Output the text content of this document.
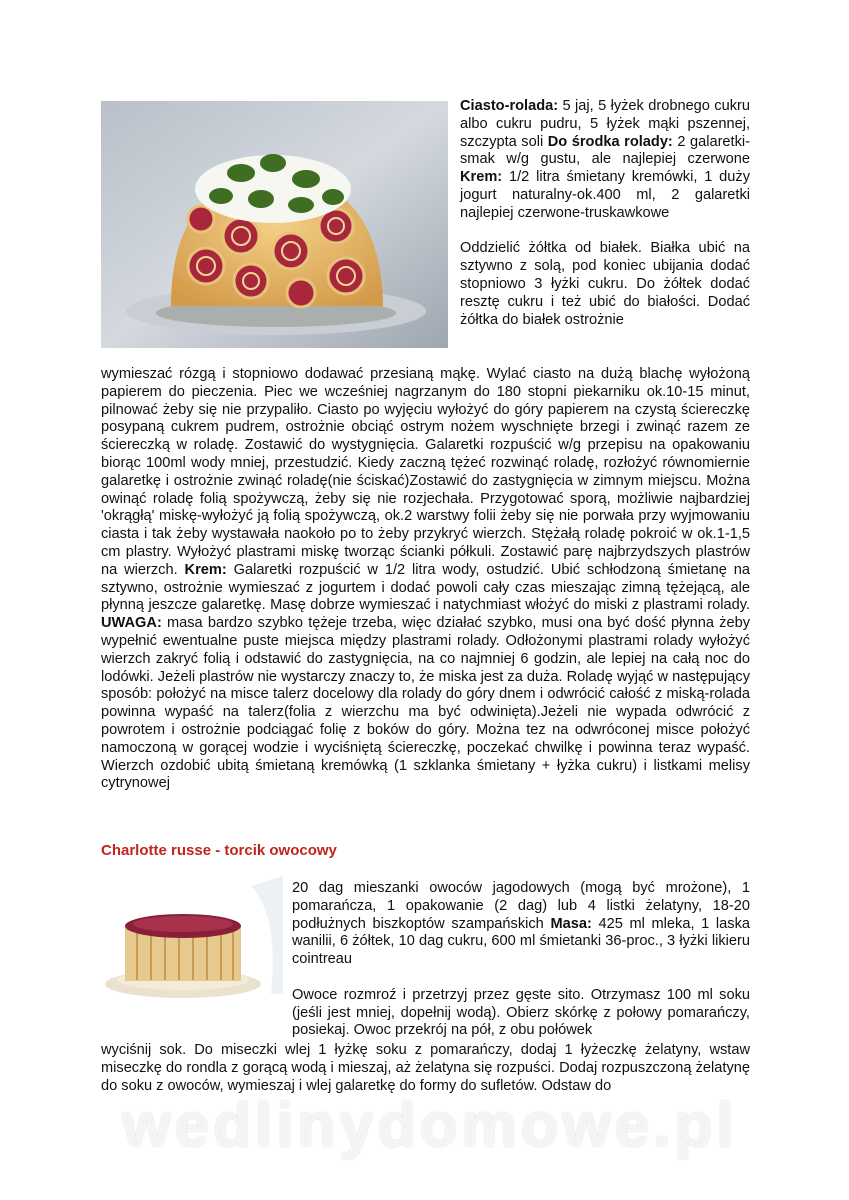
Ciasto-rolada: 5 jaj, 5 łyżek drobnego cukru albo cukru pudru, 5 łyżek mąki pszennej, szczypta soli Do środka rolady: 2 galaretki-smak w/g gustu, ale najlepiej czerwone Krem: 1/2 litra śmietany kremówki, 1 duży jogurt naturalny-ok.400 ml, 2 galaretki najlepiej czerwone-truskawkowe

Oddzielić żółtka od białek. Białka ubić na sztywno z solą, pod koniec ubijania dodać stopniowo 3 łyżki cukru. Do żółtek dodać resztę cukru i też ubić do białości. Dodać żółtka do białek ostrożnie

wymieszać rózgą i stopniowo dodawać przesianą mąkę. Wylać ciasto na dużą blachę wyłożoną papierem do pieczenia. Piec we wcześniej nagrzanym do 180 stopni piekarniku ok.10-15 minut, pilnować żeby się nie przypaliło. Ciasto po wyjęciu wyłożyć do góry papierem na czystą ściereczkę posypaną cukrem pudrem, ostrożnie obciąć ostrym nożem wyschnięte brzegi i zwinąć razem ze ściereczką w roladę. Zostawić do wystygnięcia. Galaretki rozpuścić w/g przepisu na opakowaniu biorąc 100ml wody mniej, przestudzić. Kiedy zaczną tężeć rozwinąć roladę, rozłożyć równomiernie galaretkę i ostrożnie zwinąć roladę(nie ściskać)Zostawić do zastygnięcia w zimnym miejscu. Można owinąć roladę folią spożywczą, żeby się nie rozjechała. Przygotować sporą, możliwie najbardziej 'okrągłą' miskę-wyłożyć ją folią spożywczą, ok.2 warstwy folii żeby się nie porwała przy wyjmowaniu ciasta i tak żeby wystawała naokoło po to żeby przykryć wierzch. Stężałą roladę pokroić w ok.1-1,5 cm plastry. Wyłożyć plastrami miskę tworząc ścianki półkuli. Zostawić parę najbrzydszych plastrów na wierzch. Krem: Galaretki rozpuścić w 1/2 litra wody, ostudzić. Ubić schłodzoną śmietanę na sztywno, ostrożnie wymieszać z jogurtem i dodać powoli cały czas mieszając zimną tężejącą, ale płynną jeszcze galaretkę. Masę dobrze wymieszać i natychmiast włożyć do miski z plastrami rolady. UWAGA: masa bardzo szybko tężeje trzeba, więc działać szybko, musi ona być dość płynna żeby wypełnić ewentualne puste miejsca między plastrami rolady. Odłożonymi plastrami rolady wyłożyć wierzch zakryć folią i odstawić do zastygnięcia, na co najmniej 6 godzin, ale lepiej na całą noc do lodówki. Jeżeli plastrów nie wystarczy znaczy to, że miska jest za duża. Roladę wyjąć w następujący sposób: położyć na misce talerz docelowy dla rolady do góry dnem i odwrócić całość z miską-rolada powinna wypaść na talerz(folia z wierzchu ma być odwinięta).Jeżeli nie wypada odwrócić z powrotem i ostrożnie podciągać folię z boków do góry. Można tez na odwróconej misce położyć namoczoną w gorącej wodzie i wyciśniętą ściereczkę, poczekać chwilkę i powinna teraz wypaść. Wierzch ozdobić ubitą śmietaną kremówką (1 szklanka śmietany + łyżka cukru) i listkami melisy cytrynowej

Charlotte russe - torcik owocowy

20 dag mieszanki owoców jagodowych (mogą być mrożone), 1 pomarańcza, 1 opakowanie (2 dag) lub 4 listki żelatyny, 18-20 podłużnych biszkoptów szampańskich Masa: 425 ml mleka, 1 laska wanilii, 6 żółtek, 10 dag cukru, 600 ml śmietanki 36-proc., 3 łyżki likieru cointreau

Owoce rozmroź i przetrzyj przez gęste sito. Otrzymasz 100 ml soku (jeśli jest mniej, dopełnij wodą). Obierz skórkę z połowy pomarańczy, posiekaj. Owoc przekrój na pół, z obu połówek

wyciśnij sok. Do miseczki wlej 1 łyżkę soku z pomarańczy, dodaj 1 łyżeczkę żelatyny, wstaw miseczkę do rondla z gorącą wodą i mieszaj, aż żelatyna się rozpuści. Dodaj rozpuszczoną żelatynę do soku z owoców, wymieszaj i wlej galaretkę do formy do sufletów. Odstaw do

wedlinydomowe.pl
